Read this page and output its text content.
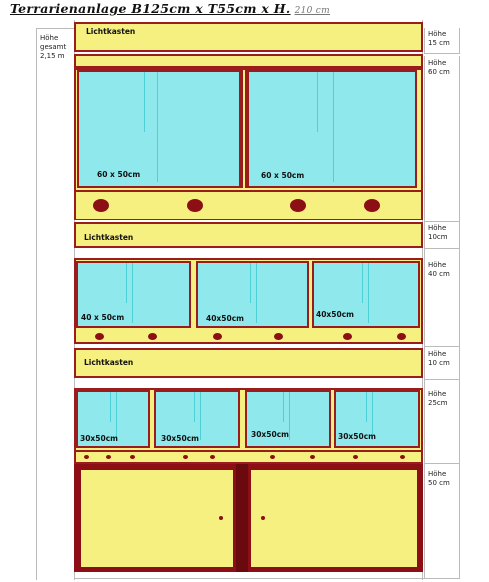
Terrarienanlage B125cm x T55cm x H. 210 cm
Höhe
gesamt
2,15 m
Lichtkasten
60 x 50cm	60 x 50cm
Lichtkasten
40 x 50cm	40x50cm	40x50cm
Lichtkasten
30x50cm	30x50cm	30x50cm	30x50cm
Höhe
15 cm
Höhe
60 cm
Höhe
10cm
Höhe
40 cm
Höhe
10 cm
Höhe
25cm
Höhe
50 cm
